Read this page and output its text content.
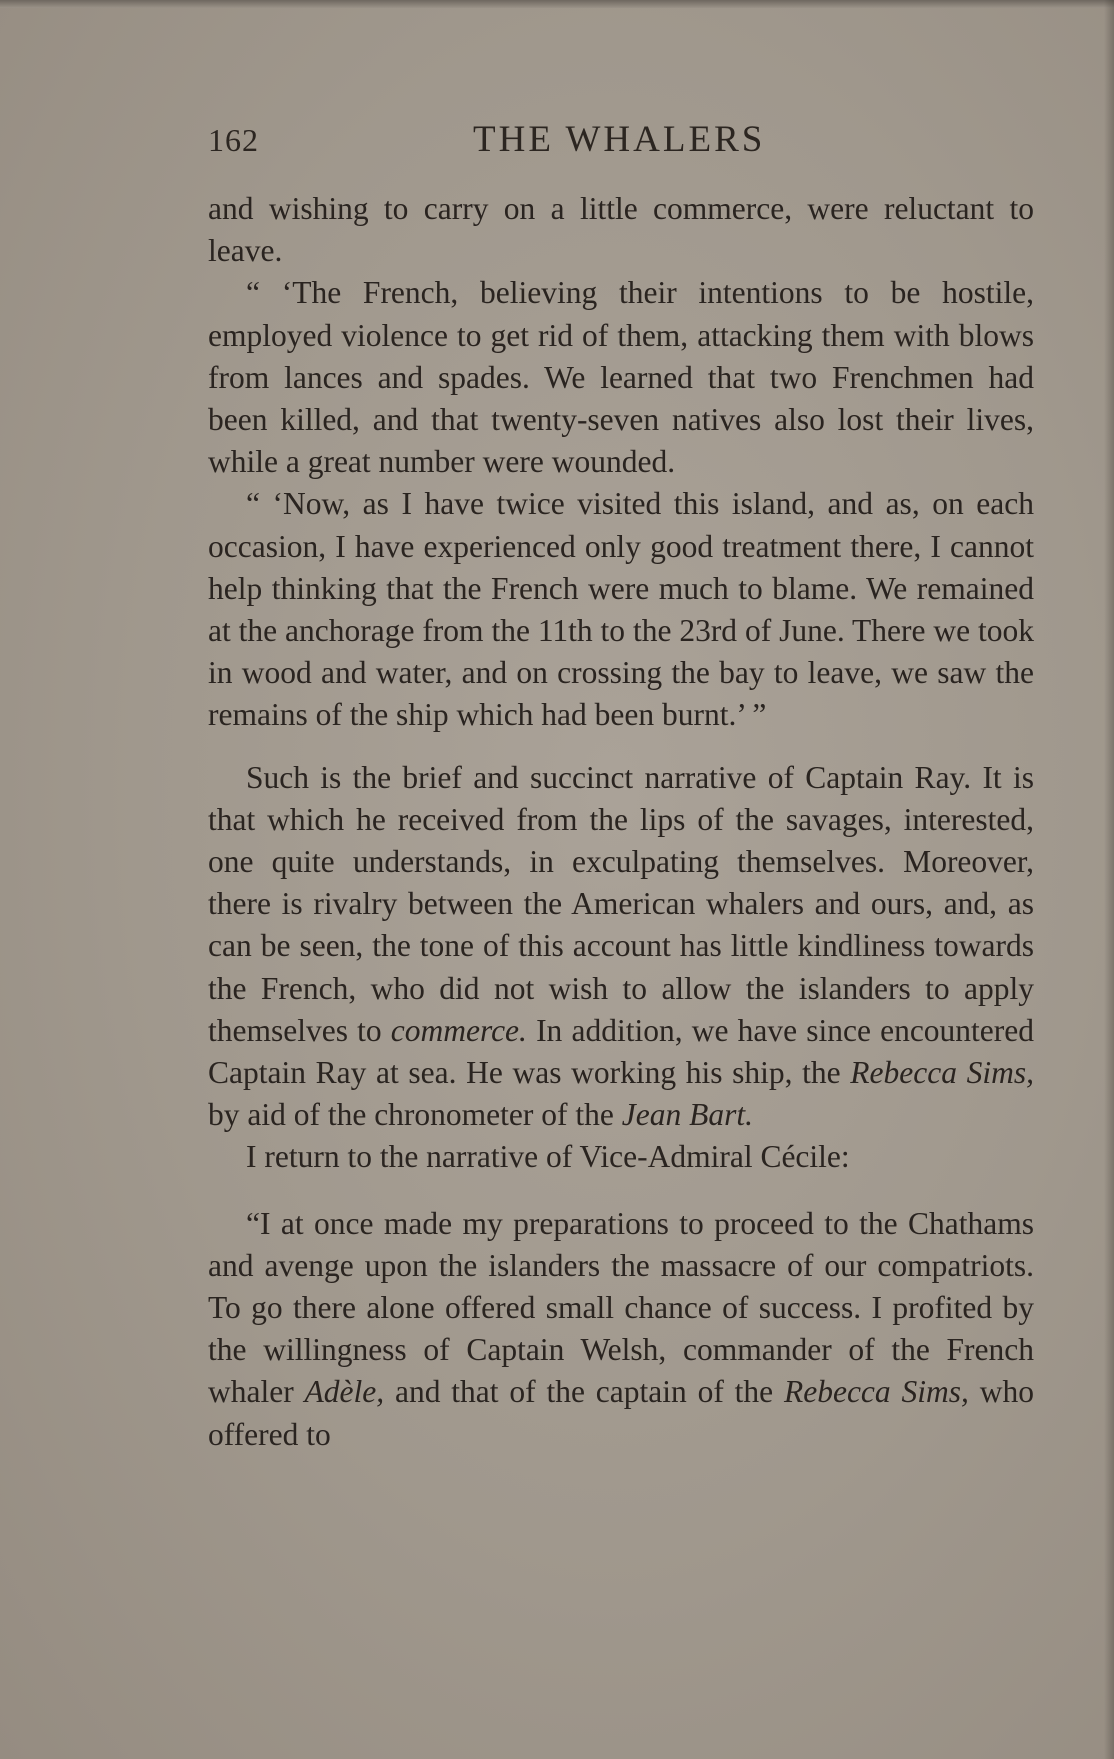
162	THE WHALERS

and wishing to carry on a little commerce, were reluctant to leave.

“ ‘The French, believing their intentions to be hostile, employed violence to get rid of them, attacking them with blows from lances and spades. We learned that two Frenchmen had been killed, and that twenty-seven natives also lost their lives, while a great number were wounded.

“ ‘Now, as I have twice visited this island, and as, on each occasion, I have experienced only good treatment there, I cannot help thinking that the French were much to blame. We remained at the anchorage from the 11th to the 23rd of June. There we took in wood and water, and on crossing the bay to leave, we saw the remains of the ship which had been burnt.’ ”

Such is the brief and succinct narrative of Captain Ray. It is that which he received from the lips of the savages, interested, one quite understands, in exculpating themselves. Moreover, there is rivalry between the American whalers and ours, and, as can be seen, the tone of this account has little kindliness towards the French, who did not wish to allow the islanders to apply themselves to commerce. In addition, we have since encountered Captain Ray at sea. He was working his ship, the Rebecca Sims, by aid of the chronometer of the Jean Bart.

I return to the narrative of Vice-Admiral Cécile:

“I at once made my preparations to proceed to the Chathams and avenge upon the islanders the massacre of our compatriots. To go there alone offered small chance of success. I profited by the willingness of Captain Welsh, commander of the French whaler Adèle, and that of the captain of the Rebecca Sims, who offered to
